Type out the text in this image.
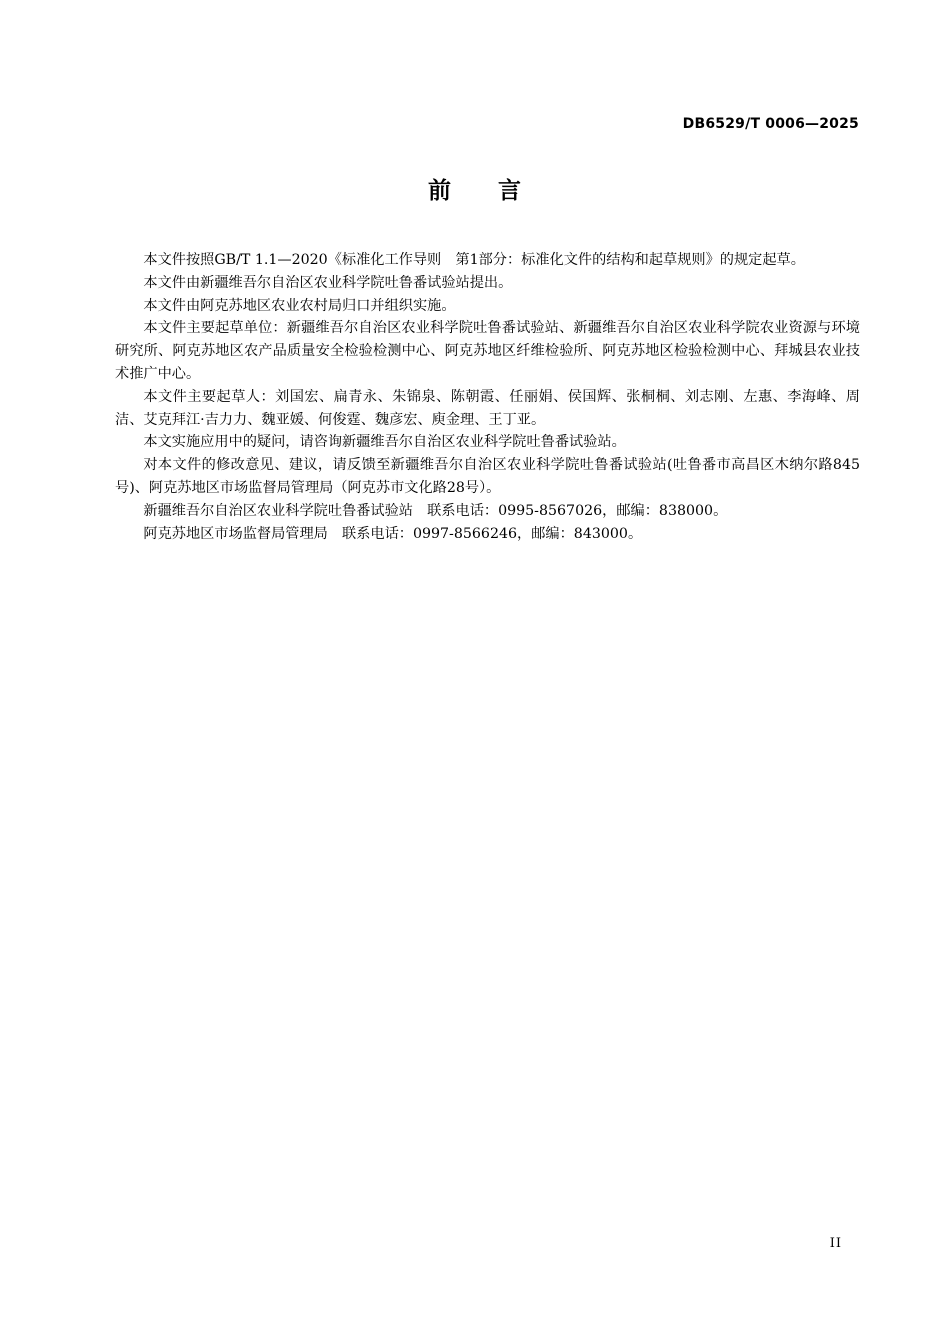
DB6529/T 0006—2025
前 言

本文件按照GB/T 1.1—2020《标准化工作导则　第1部分：标准化文件的结构和起草规则》的规定起草。

本文件由新疆维吾尔自治区农业科学院吐鲁番试验站提出。

本文件由阿克苏地区农业农村局归口并组织实施。

本文件主要起草单位：新疆维吾尔自治区农业科学院吐鲁番试验站、新疆维吾尔自治区农业科学院农业资源与环境研究所、阿克苏地区农产品质量安全检验检测中心、阿克苏地区纤维检验所、阿克苏地区检验检测中心、拜城县农业技术推广中心。

本文件主要起草人：刘国宏、扁青永、朱锦泉、陈朝霞、任丽娟、侯国辉、张桐桐、刘志刚、左惠、李海峰、周洁、艾克拜江·吉力力、魏亚媛、何俊霆、魏彦宏、庾金理、王丁亚。

本文实施应用中的疑问，请咨询新疆维吾尔自治区农业科学院吐鲁番试验站。

对本文件的修改意见、建议，请反馈至新疆维吾尔自治区农业科学院吐鲁番试验站(吐鲁番市高昌区木纳尔路845号)、阿克苏地区市场监督局管理局（阿克苏市文化路28号）。

新疆维吾尔自治区农业科学院吐鲁番试验站　联系电话：0995-8567026，邮编：838000。

阿克苏地区市场监督局管理局　联系电话：0997-8566246，邮编：843000。

II
